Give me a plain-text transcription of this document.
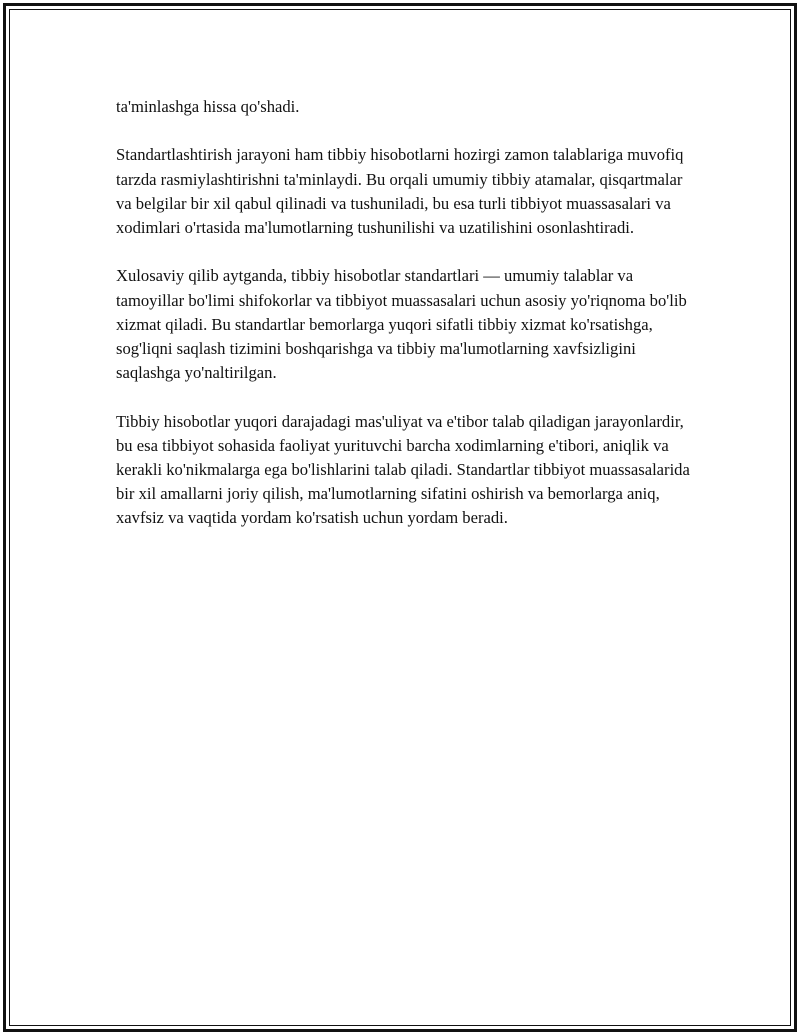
ta'minlashga hissa qo'shadi.

Standartlashtirish jarayoni ham tibbiy hisobotlarni hozirgi zamon talablariga muvofiq tarzda rasmiylashtirishni ta'minlaydi. Bu orqali umumiy tibbiy atamalar, qisqartmalar va belgilar bir xil qabul qilinadi va tushuniladi, bu esa turli tibbiyot muassasalari va xodimlari o'rtasida ma'lumotlarning tushunilishi va uzatilishini osonlashtiradi.

Xulosaviy qilib aytganda, tibbiy hisobotlar standartlari — umumiy talablar va tamoyillar bo'limi shifokorlar va tibbiyot muassasalari uchun asosiy yo'riqnoma bo'lib xizmat qiladi. Bu standartlar bemorlarga yuqori sifatli tibbiy xizmat ko'rsatishga, sog'liqni saqlash tizimini boshqarishga va tibbiy ma'lumotlarning xavfsizligini saqlashga yo'naltirilgan.

Tibbiy hisobotlar yuqori darajadagi mas'uliyat va e'tibor talab qiladigan jarayonlardir, bu esa tibbiyot sohasida faoliyat yurituvchi barcha xodimlarning e'tibori, aniqlik va kerakli ko'nikmalarga ega bo'lishlarini talab qiladi. Standartlar tibbiyot muassasalarida bir xil amallarni joriy qilish, ma'lumotlarning sifatini oshirish va bemorlarga aniq, xavfsiz va vaqtida yordam ko'rsatish uchun yordam beradi.
